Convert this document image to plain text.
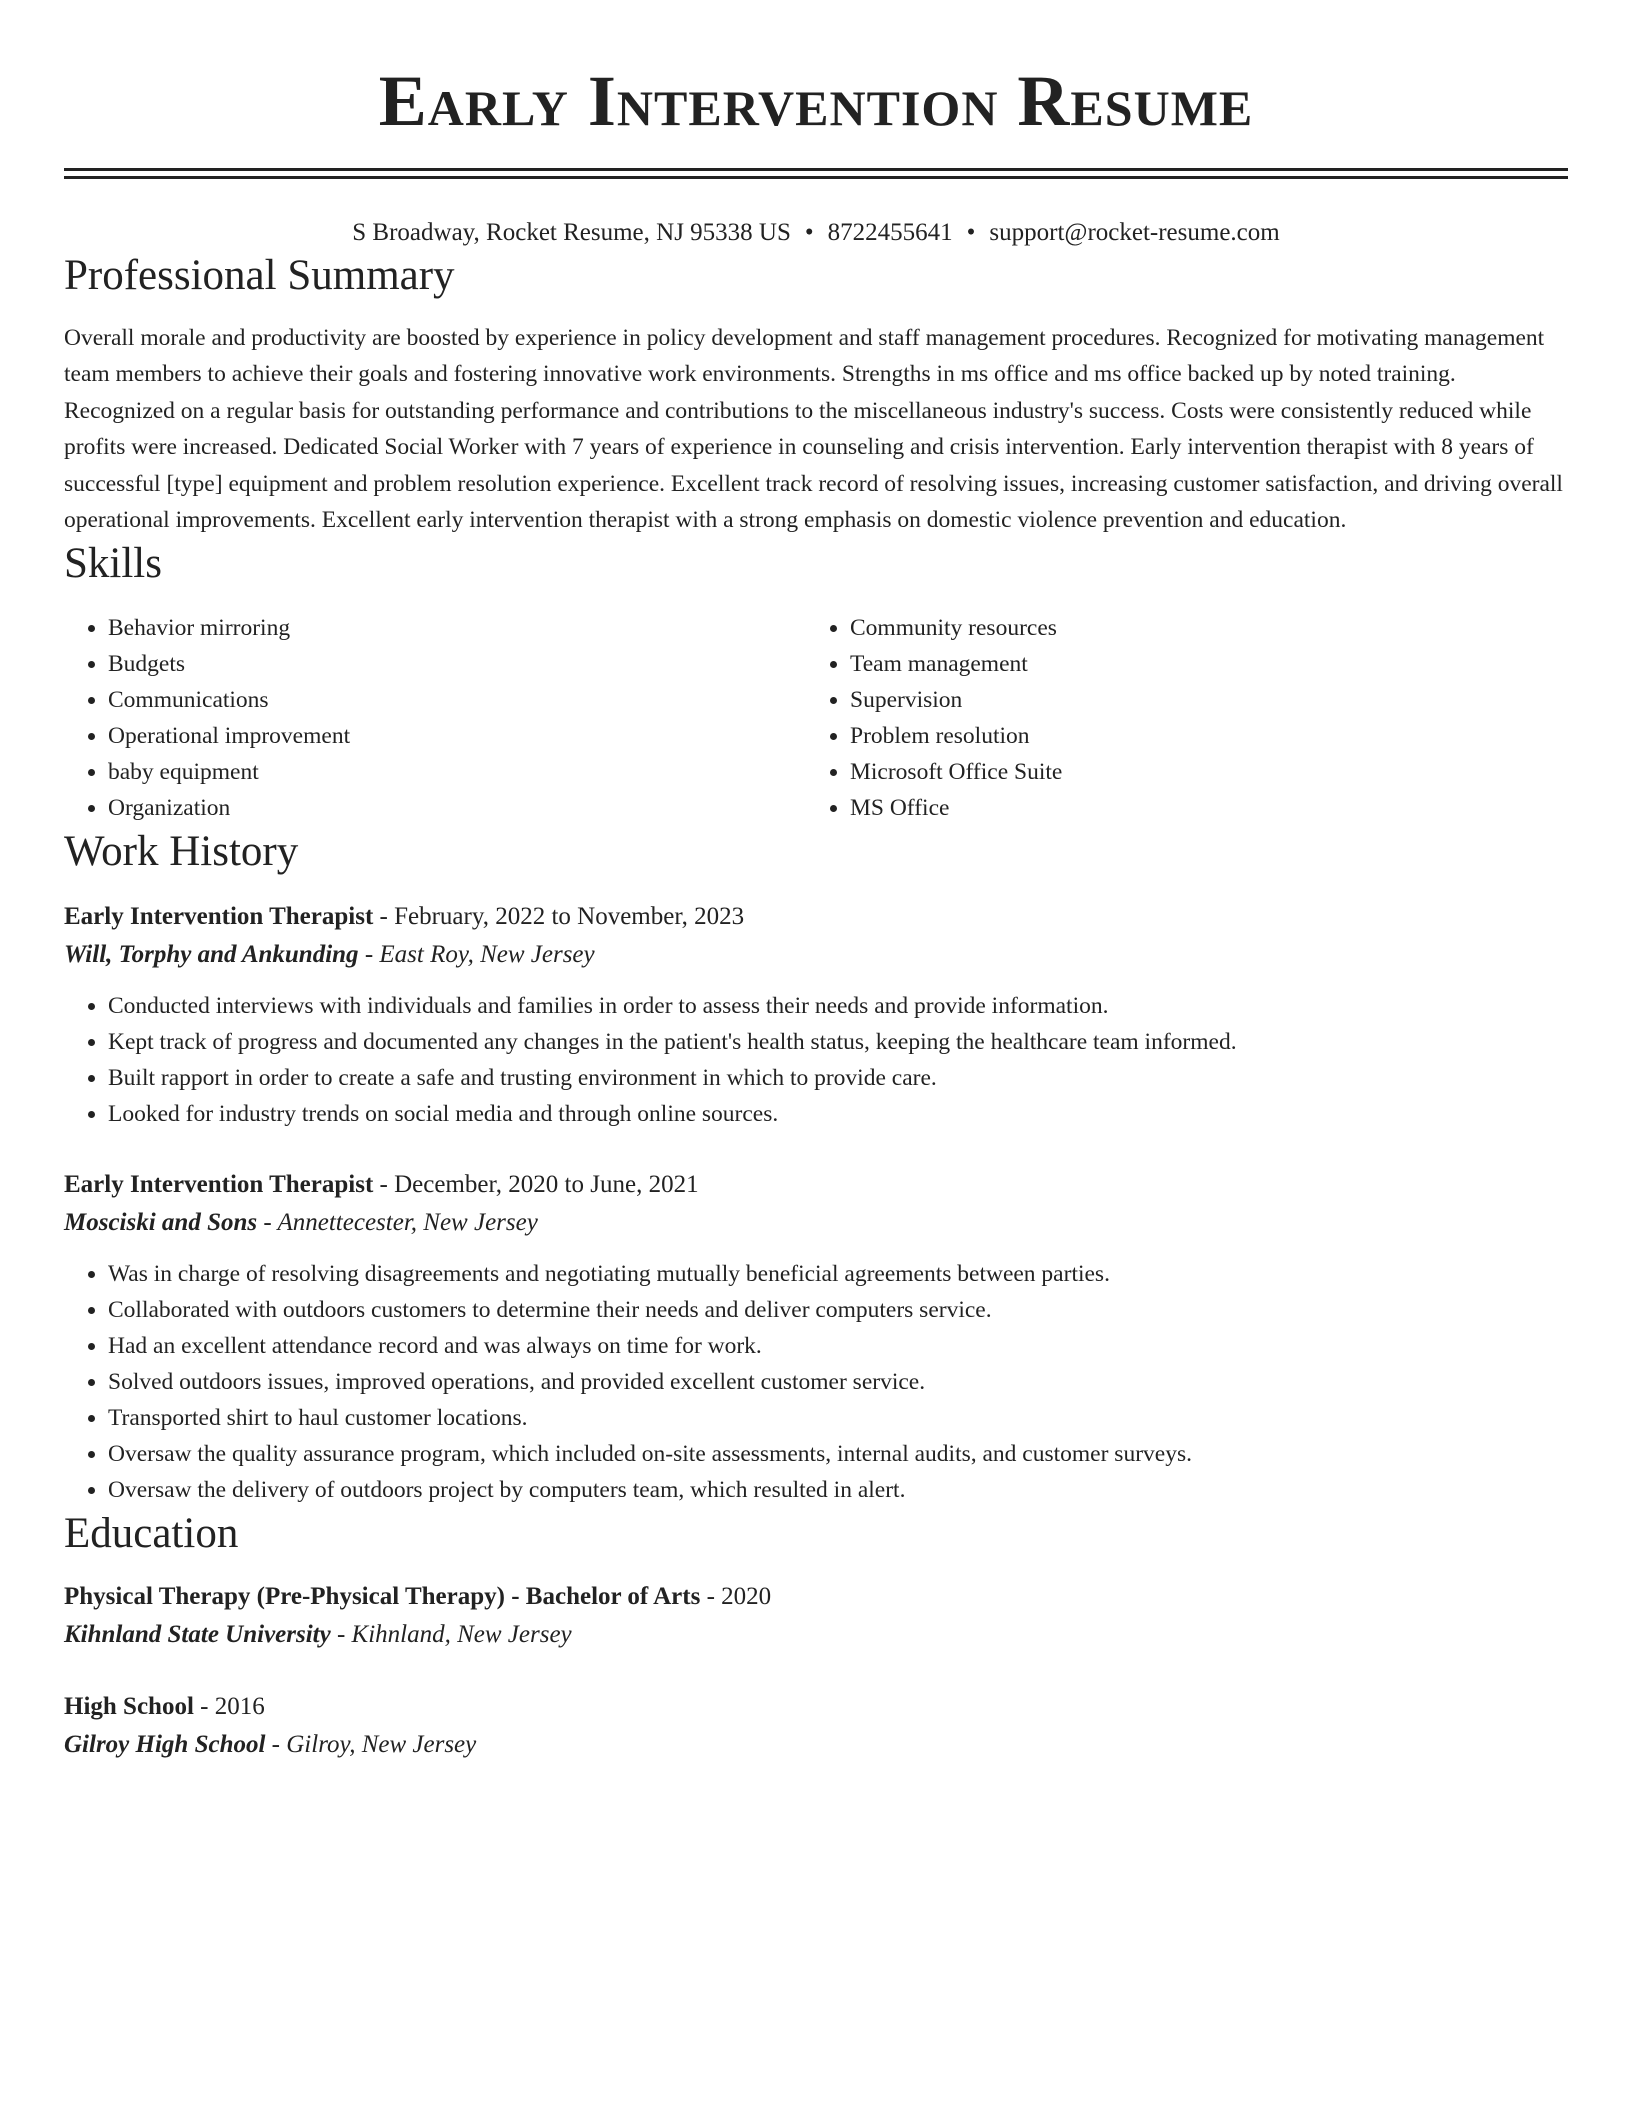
Early Intervention Resume
S Broadway, Rocket Resume, NJ 95338 US • 8722455641 • support@rocket-resume.com
Professional Summary

Overall morale and productivity are boosted by experience in policy development and staff management procedures. Recognized for motivating management team members to achieve their goals and fostering innovative work environments. Strengths in ms office and ms office backed up by noted training. Recognized on a regular basis for outstanding performance and contributions to the miscellaneous industry's success. Costs were consistently reduced while profits were increased. Dedicated Social Worker with 7 years of experience in counseling and crisis intervention. Early intervention therapist with 8 years of successful [type] equipment and problem resolution experience. Excellent track record of resolving issues, increasing customer satisfaction, and driving overall operational improvements. Excellent early intervention therapist with a strong emphasis on domestic violence prevention and education.

Skills
• Behavior mirroring
• Budgets
• Communications
• Operational improvement
• baby equipment
• Organization
• Community resources
• Team management
• Supervision
• Problem resolution
• Microsoft Office Suite
• MS Office
Work History
Early Intervention Therapist - February, 2022 to November, 2023
Will, Torphy and Ankunding - East Roy, New Jersey
• Conducted interviews with individuals and families in order to assess their needs and provide information.
• Kept track of progress and documented any changes in the patient's health status, keeping the healthcare team informed.
• Built rapport in order to create a safe and trusting environment in which to provide care.
• Looked for industry trends on social media and through online sources.
Early Intervention Therapist - December, 2020 to June, 2021
Mosciski and Sons - Annettecester, New Jersey
• Was in charge of resolving disagreements and negotiating mutually beneficial agreements between parties.
• Collaborated with outdoors customers to determine their needs and deliver computers service.
• Had an excellent attendance record and was always on time for work.
• Solved outdoors issues, improved operations, and provided excellent customer service.
• Transported shirt to haul customer locations.
• Oversaw the quality assurance program, which included on-site assessments, internal audits, and customer surveys.
• Oversaw the delivery of outdoors project by computers team, which resulted in alert.
Education
Physical Therapy (Pre-Physical Therapy) - Bachelor of Arts - 2020
Kihnland State University - Kihnland, New Jersey
High School - 2016
Gilroy High School - Gilroy, New Jersey
